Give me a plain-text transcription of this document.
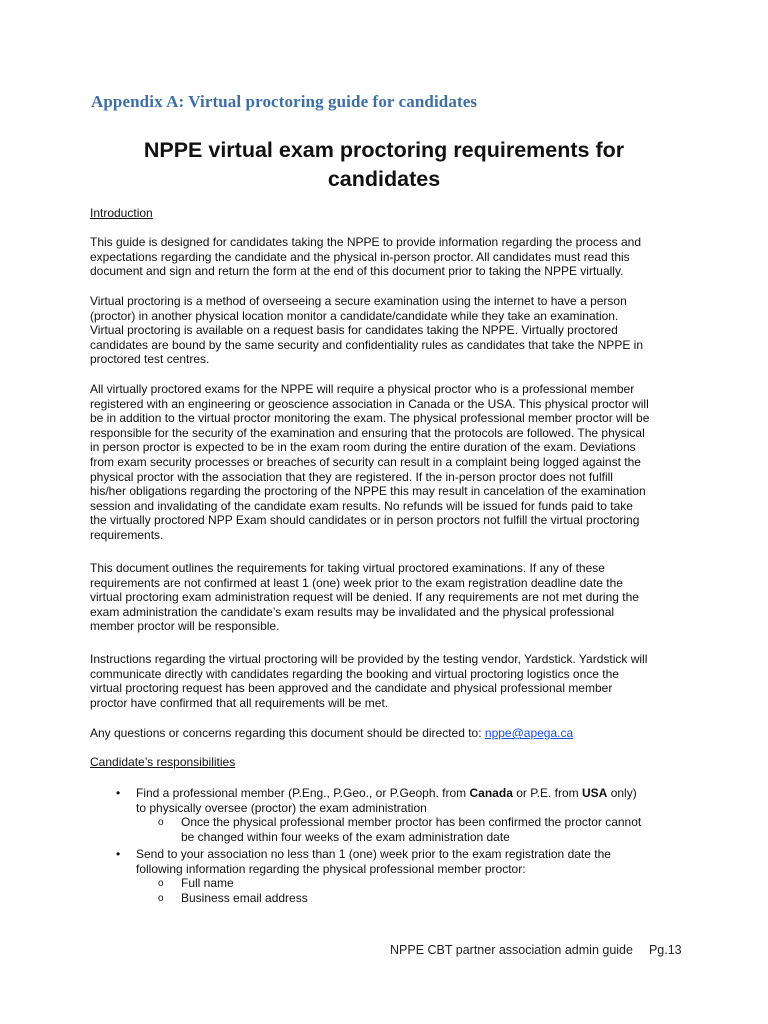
Appendix A: Virtual proctoring guide for candidates
NPPE virtual exam proctoring requirements for
candidates
Introduction
This guide is designed for candidates taking the NPPE to provide information regarding the process and
expectations regarding the candidate and the physical in-person proctor. All candidates must read this
document and sign and return the form at the end of this document prior to taking the NPPE virtually.
Virtual proctoring is a method of overseeing a secure examination using the internet to have a person
(proctor) in another physical location monitor a candidate/candidate while they take an examination.
Virtual proctoring is available on a request basis for candidates taking the NPPE. Virtually proctored
candidates are bound by the same security and confidentiality rules as candidates that take the NPPE in
proctored test centres.
All virtually proctored exams for the NPPE will require a physical proctor who is a professional member
registered with an engineering or geoscience association in Canada or the USA. This physical proctor will
be in addition to the virtual proctor monitoring the exam. The physical professional member proctor will be
responsible for the security of the examination and ensuring that the protocols are followed. The physical
in person proctor is expected to be in the exam room during the entire duration of the exam. Deviations
from exam security processes or breaches of security can result in a complaint being logged against the
physical proctor with the association that they are registered. If the in-person proctor does not fulfill
his/her obligations regarding the proctoring of the NPPE this may result in cancelation of the examination
session and invalidating of the candidate exam results. No refunds will be issued for funds paid to take
the virtually proctored NPP Exam should candidates or in person proctors not fulfill the virtual proctoring
requirements.
This document outlines the requirements for taking virtual proctored examinations. If any of these
requirements are not confirmed at least 1 (one) week prior to the exam registration deadline date the
virtual proctoring exam administration request will be denied. If any requirements are not met during the
exam administration the candidate’s exam results may be invalidated and the physical professional
member proctor will be responsible.
Instructions regarding the virtual proctoring will be provided by the testing vendor, Yardstick. Yardstick will
communicate directly with candidates regarding the booking and virtual proctoring logistics once the
virtual proctoring request has been approved and the candidate and physical professional member
proctor have confirmed that all requirements will be met.
Any questions or concerns regarding this document should be directed to: nppe@apega.ca
Candidate’s responsibilities
• Find a professional member (P.Eng., P.Geo., or P.Geoph. from Canada or P.E. from USA only)
to physically oversee (proctor) the exam administration
o Once the physical professional member proctor has been confirmed the proctor cannot
be changed within four weeks of the exam administration date
• Send to your association no less than 1 (one) week prior to the exam registration date the
following information regarding the physical professional member proctor:
o Full name
o Business email address
NPPE CBT partner association admin guide Pg.13
